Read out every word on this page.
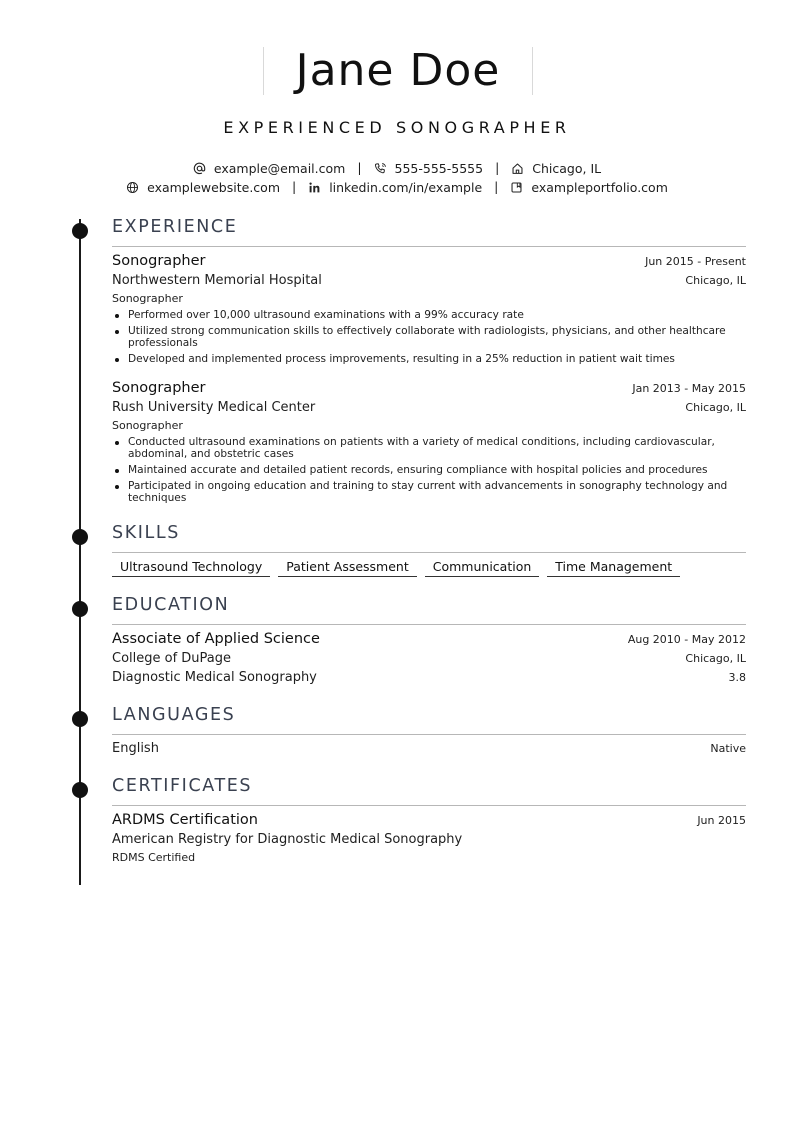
Jane Doe
EXPERIENCED SONOGRAPHER
example@email.com |	555-555-5555 |	Chicago, IL
examplewebsite.com |	linkedin.com/in/example |	exampleportfolio.com
EXPERIENCE
Sonographer	Jun 2015 - Present
Northwestern Memorial Hospital	Chicago, IL
Sonographer
Performed over 10,000 ultrasound examinations with a 99% accuracy rate
Utilized strong communication skills to effectively collaborate with radiologists, physicians, and other healthcare professionals
Developed and implemented process improvements, resulting in a 25% reduction in patient wait times
Sonographer	Jan 2013 - May 2015
Rush University Medical Center	Chicago, IL
Sonographer
Conducted ultrasound examinations on patients with a variety of medical conditions, including cardiovascular, abdominal, and obstetric cases
Maintained accurate and detailed patient records, ensuring compliance with hospital policies and procedures
Participated in ongoing education and training to stay current with advancements in sonography technology and techniques
SKILLS
Ultrasound Technology	Patient Assessment	Communication	Time Management
EDUCATION
Associate of Applied Science	Aug 2010 - May 2012
College of DuPage	Chicago, IL
Diagnostic Medical Sonography	3.8
LANGUAGES
English	Native
CERTIFICATES
ARDMS Certification	Jun 2015
American Registry for Diagnostic Medical Sonography
RDMS Certified
